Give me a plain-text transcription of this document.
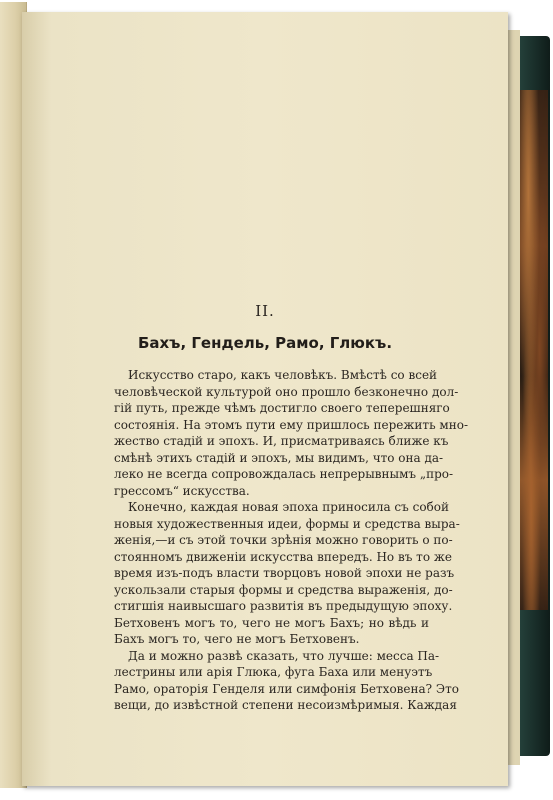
II.
Бахъ, Гендель, Рамо, Глюкъ.
Искусство старо, какъ человѣкъ. Вмѣстѣ со всей
человѣческой культурой оно прошло безконечно дол-
гій путь, прежде чѣмъ достигло своего теперешняго
состоянія. На этомъ пути ему пришлось пережить мно-
жество стадій и эпохъ. И, присматриваясь ближе къ
смѣнѣ этихъ стадій и эпохъ, мы видимъ, что она да-
леко не всегда сопровождалась непрерывнымъ „про-
грессомъ“ искусства.
Конечно, каждая новая эпоха приносила съ собой
новыя художественныя идеи, формы и средства выра-
женія,—и съ этой точки зрѣнія можно говорить о по-
стоянномъ движеніи искусства впередъ. Но въ то же
время изъ-подъ власти творцовъ новой эпохи не разъ
ускользали старыя формы и средства выраженія, до-
стигшія наивысшаго развитія въ предыдущую эпоху.
Бетховенъ могъ то, чего не могъ Бахъ; но вѣдь и
Бахъ могъ то, чего не могъ Бетховенъ.
Да и можно развѣ сказать, что лучше: месса Па-
лестрины или арія Глюка, фуга Баха или менуэтъ
Рамо, ораторія Генделя или симфонія Бетховена? Это
вещи, до извѣстной степени несоизмѣримыя. Каждая
